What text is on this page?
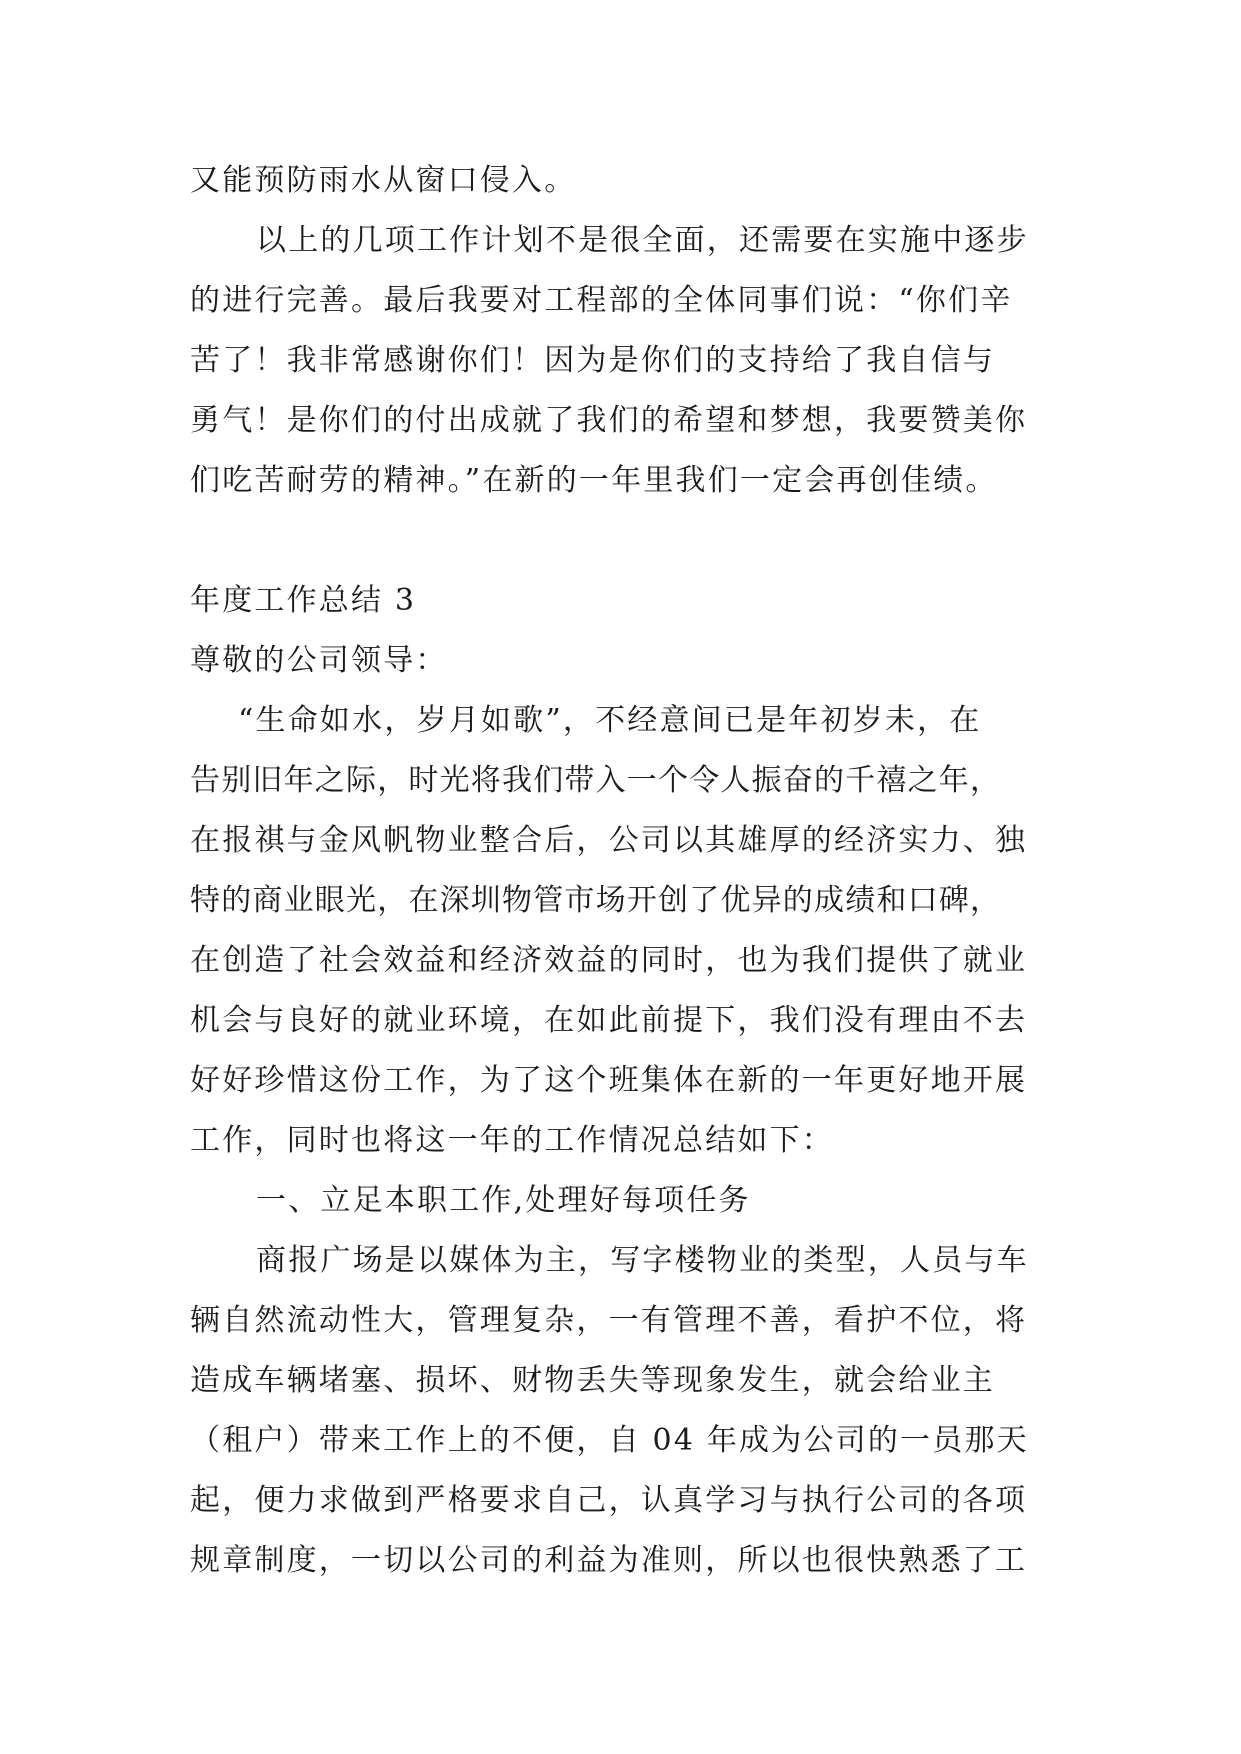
又能预防雨水从窗口侵入。
以上的几项工作计划不是很全面，还需要在实施中逐步
的进行完善。最后我要对工程部的全体同事们说：“你们辛
苦了！我非常感谢你们！因为是你们的支持给了我自信与
勇气！是你们的付出成就了我们的希望和梦想，我要赞美你
们吃苦耐劳的精神。”在新的一年里我们一定会再创佳绩。
年度工作总结 3
尊敬的公司领导：
“生命如水，岁月如歌”，不经意间已是年初岁未，在
告别旧年之际，时光将我们带入一个令人振奋的千禧之年，
在报祺与金风帆物业整合后，公司以其雄厚的经济实力、独
特的商业眼光，在深圳物管市场开创了优异的成绩和口碑，
在创造了社会效益和经济效益的同时，也为我们提供了就业
机会与良好的就业环境，在如此前提下，我们没有理由不去
好好珍惜这份工作，为了这个班集体在新的一年更好地开展
工作，同时也将这一年的工作情况总结如下：
一、立足本职工作,处理好每项任务
商报广场是以媒体为主，写字楼物业的类型，人员与车
辆自然流动性大，管理复杂，一有管理不善，看护不位，将
造成车辆堵塞、损坏、财物丢失等现象发生，就会给业主
（租户）带来工作上的不便，自 04 年成为公司的一员那天
起，便力求做到严格要求自己，认真学习与执行公司的各项
规章制度，一切以公司的利益为准则，所以也很快熟悉了工
